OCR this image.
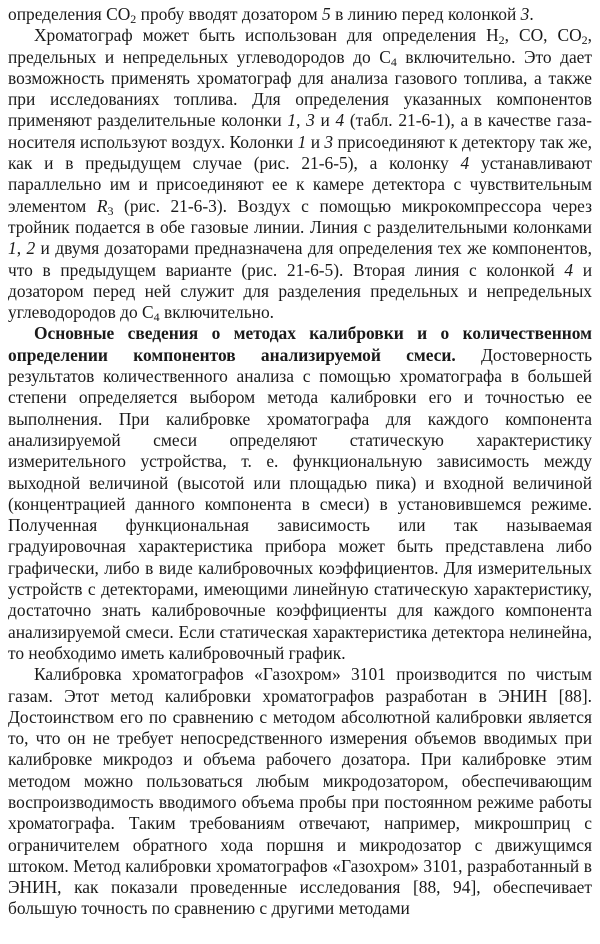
определения $CO_2$ пробу вводят дозатором 5 в линию перед колонкой 3.

Хроматограф может быть использован для определения $H_2$, CO, $CO_2$, предельных и непредельных углеводородов до $C_4$ включительно. Это дает возможность применять хроматограф для анализа газового топлива, а также при исследованиях топлива. Для определения указанных компонентов применяют разделительные колонки 1, 3 и 4 (табл. 21-6-1), а в качестве газа-носителя используют воздух. Колонки 1 и 3 присоединяют к детектору так же, как и в предыдущем случае (рис. 21-6-5), а колонку 4 устанавливают параллельно им и присоединяют ее к камере детектора с чувствительным элементом $R_3$ (рис. 21-6-3). Воздух с помощью микрокомпрессора через тройник подается в обе газовые линии. Линия с разделительными колонками 1, 2 и двумя дозаторами предназначена для определения тех же компонентов, что в предыдущем варианте (рис. 21-6-5). Вторая линия с колонкой 4 и дозатором перед ней служит для разделения предельных и непредельных углеводородов до $C_4$ включительно.

Основные сведения о методах калибровки и о количественном определении компонентов анализируемой смеси. Достоверность результатов количественного анализа с помощью хроматографа в большей степени определяется выбором метода калибровки его и точностью ее выполнения. При калибровке хроматографа для каждого компонента анализируемой смеси определяют статическую характеристику измерительного устройства, т. е. функциональную зависимость между выходной величиной (высотой или площадью пика) и входной величиной (концентрацией данного компонента в смеси) в установившемся режиме. Полученная функциональная зависимость или так называемая градуировочная характеристика прибора может быть представлена либо графически, либо в виде калибровочных коэффициентов. Для измерительных устройств с детекторами, имеющими линейную статическую характеристику, достаточно знать калибровочные коэффициенты для каждого компонента анализируемой смеси. Если статическая характеристика детектора нелинейна, то необходимо иметь калибровочный график.

Калибровка хроматографов «Газохром» 3101 производится по чистым газам. Этот метод калибровки хроматографов разработан в ЭНИН [88]. Достоинством его по сравнению с методом абсолютной калибровки является то, что он не требует непосредственного измерения объемов вводимых при калибровке микродоз и объема рабочего дозатора. При калибровке этим методом можно пользоваться любым микродозатором, обеспечивающим воспроизводимость вводимого объема пробы при постоянном режиме работы хроматографа. Таким требованиям отвечают, например, микрошприц с ограничителем обратного хода поршня и микродозатор с движущимся штоком. Метод калибровки хроматографов «Газохром» 3101, разработанный в ЭНИН, как показали проведенные исследования [88, 94], обеспечивает большую точность по сравнению с другими методами
